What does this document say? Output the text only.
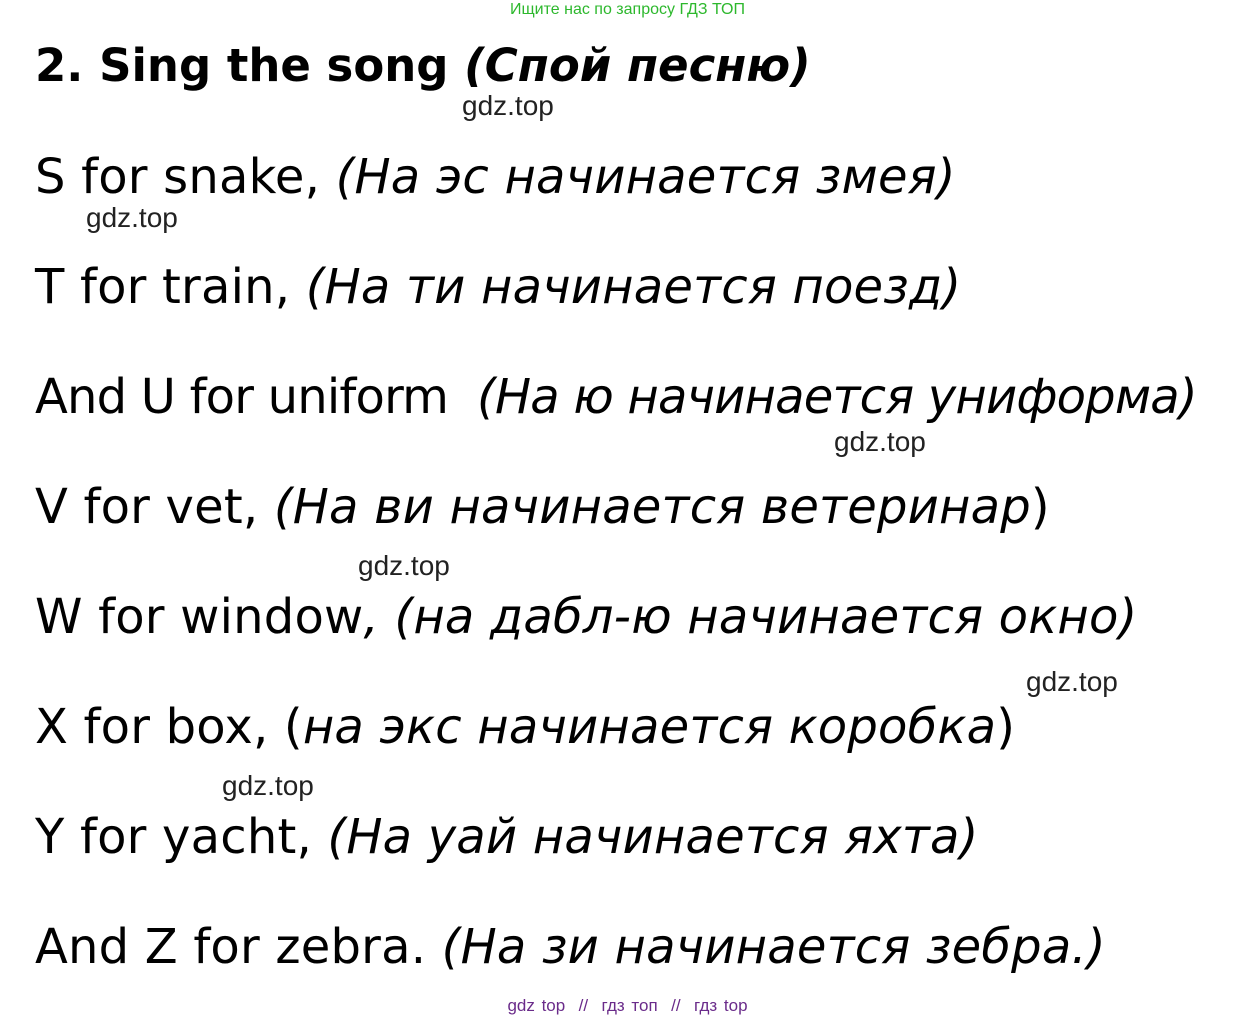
Ищите нас по запросу ГДЗ ТОП
2. Sing the song (Спой песню)
gdz.top
S for snake, (На эс начинается змея)
gdz.top
T for train, (На ти начинается поезд)
And U for uniform  (На ю начинается униформа)
gdz.top
V for vet, (На ви начинается ветеринар)
gdz.top
W for window, (на дабл-ю начинается окно)
gdz.top
X for box, (на экс начинается коробка)
gdz.top
Y for yacht, (На уай начинается яхта)
And Z for zebra. (На зи начинается зебра.)
gdz top  //  гдз топ  //  гдз top
